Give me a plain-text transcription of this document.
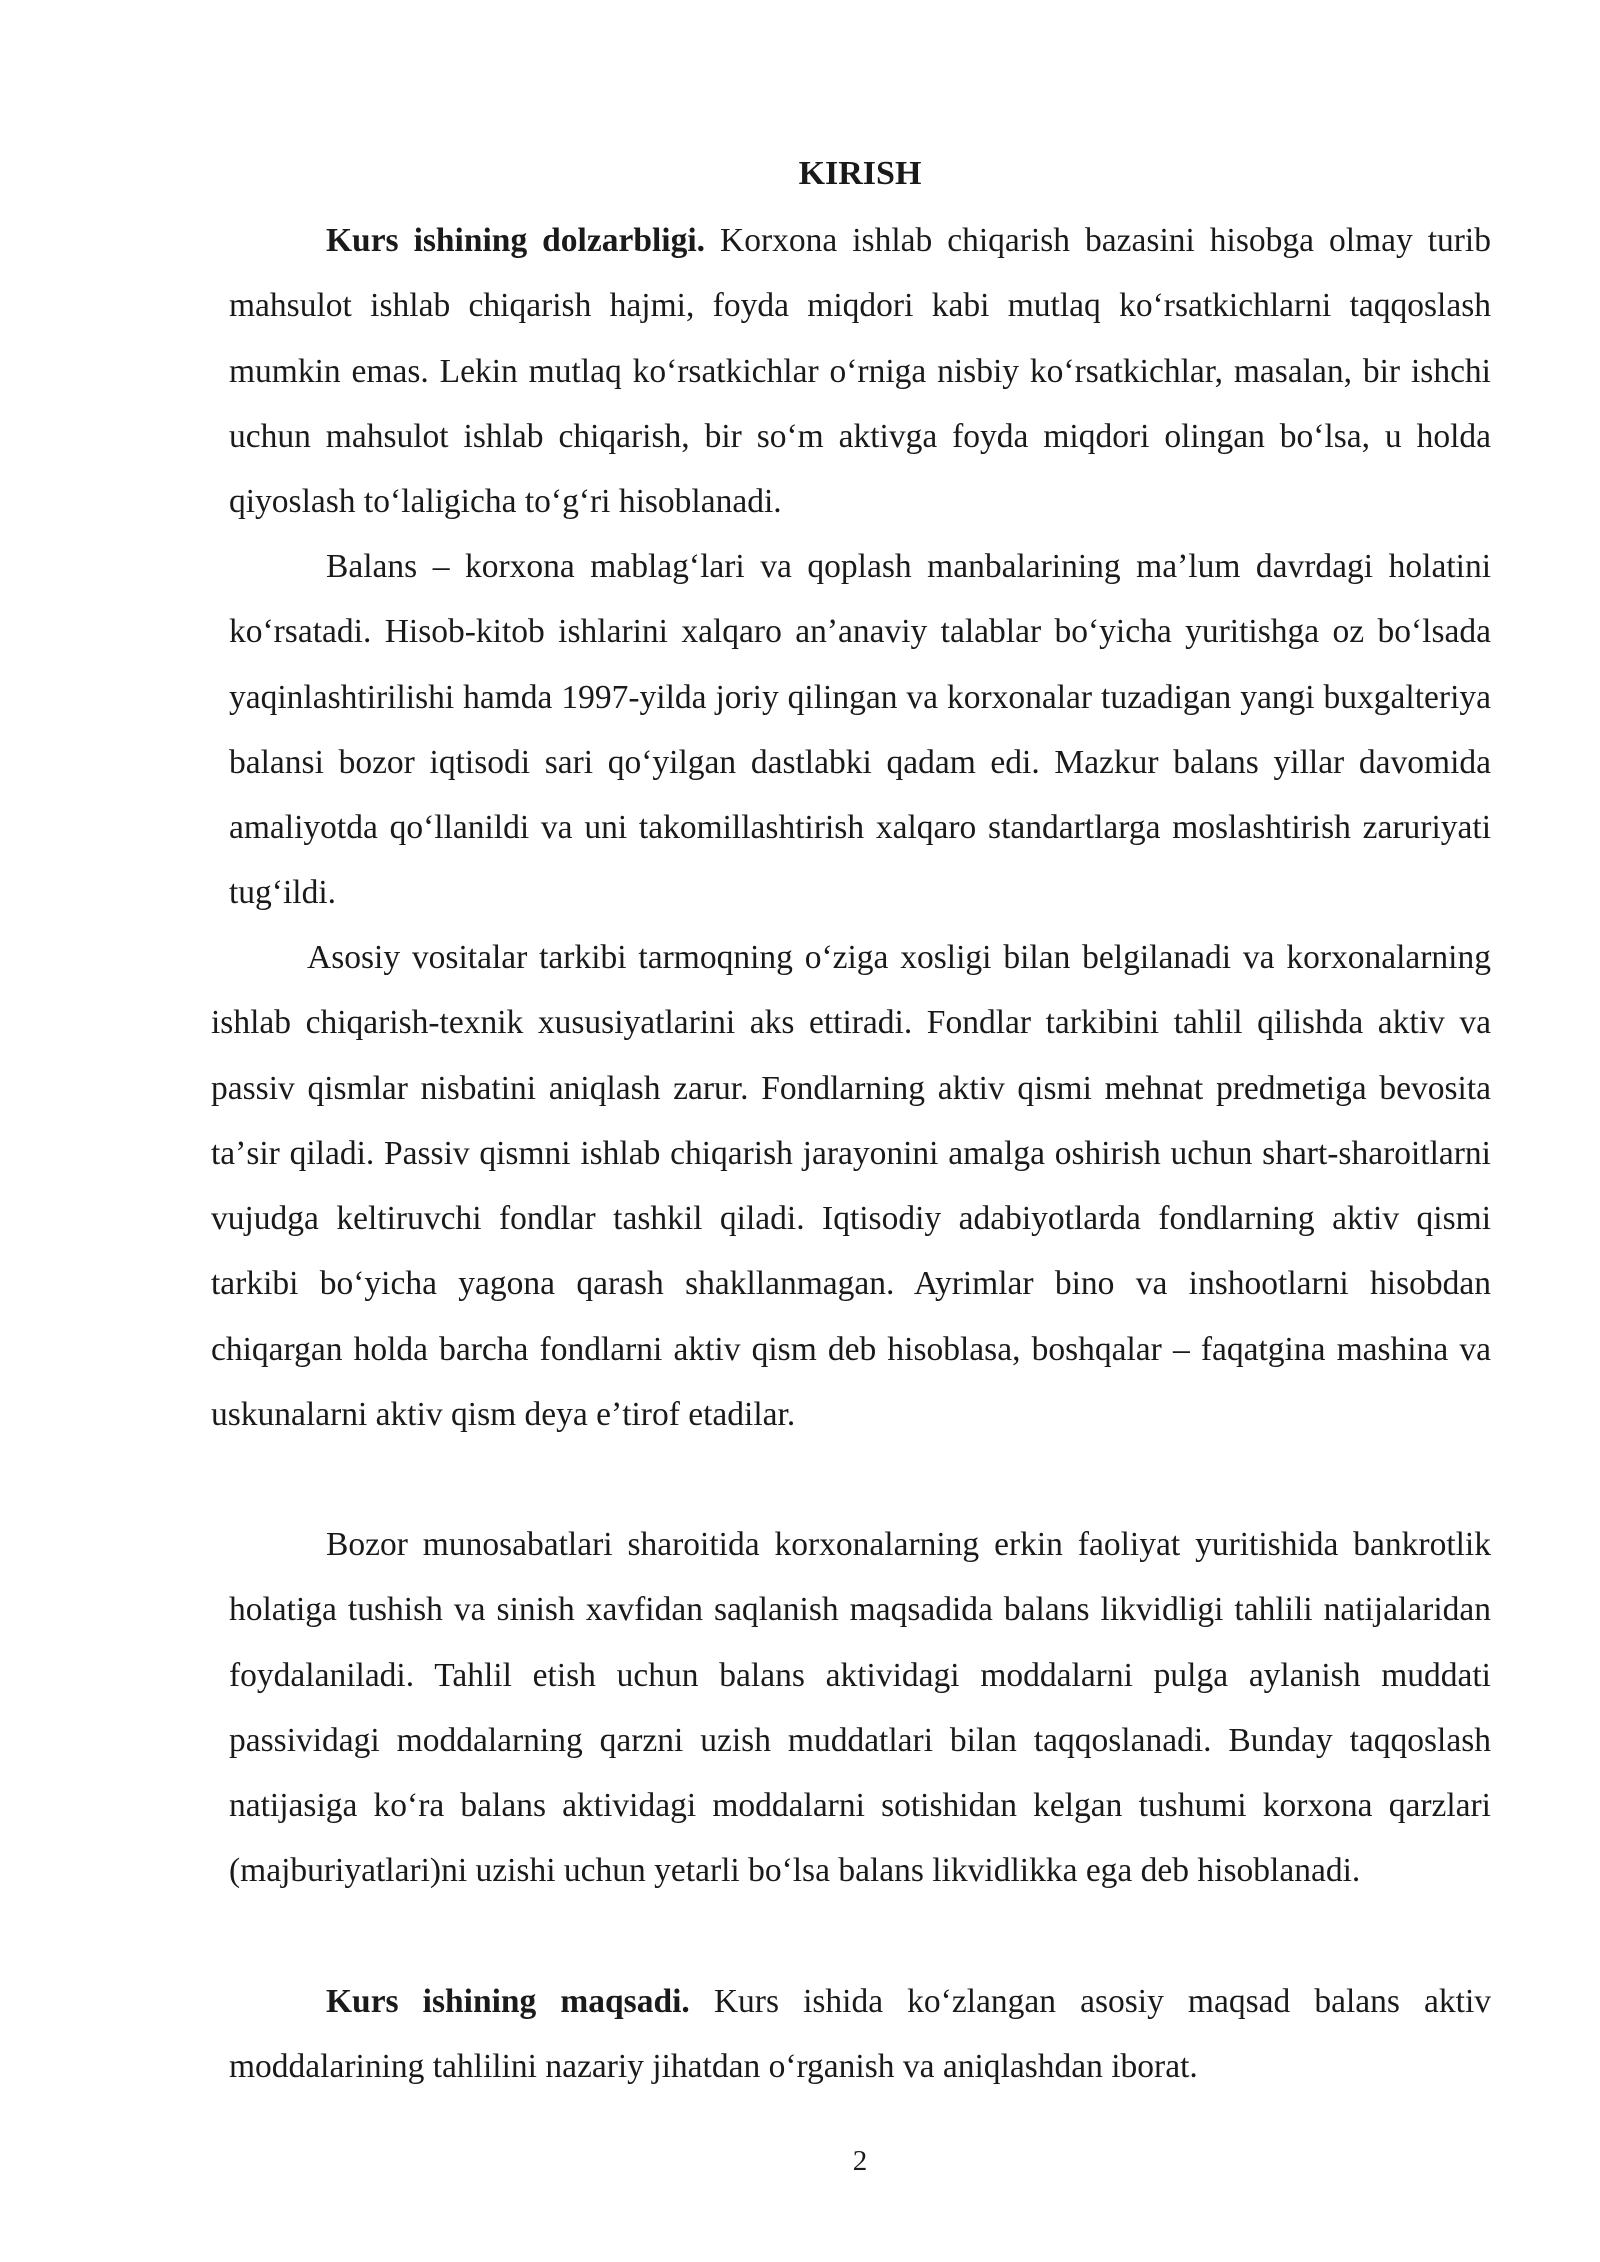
KIRISH

Kurs ishining dolzarbligi. Korxona ishlab chiqarish bazasini hisobga olmay turib mahsulot ishlab chiqarish hajmi, foyda miqdori kabi mutlaq koʻrsatkichlarni taqqoslash mumkin emas. Lekin mutlaq koʻrsatkichlar oʻrniga nisbiy koʻrsatkichlar, masalan, bir ishchi uchun mahsulot ishlab chiqarish, bir soʻm aktivga foyda miqdori olingan boʻlsa, u holda qiyoslash toʻlaligicha toʻgʻri hisoblanadi.

Balans – korxona mablagʻlari va qoplash manbalarining maʼlum davrdagi holatini koʻrsatadi. Hisob-kitob ishlarini xalqaro anʼanaviy talablar boʻyicha yuritishga oz boʻlsada yaqinlashtirilishi hamda 1997-yilda joriy qilingan va korxonalar tuzadigan yangi buxgalteriya balansi bozor iqtisodi sari qoʻyilgan dastlabki qadam edi. Mazkur balans yillar davomida amaliyotda qoʻllanildi va uni takomillashtirish xalqaro standartlarga moslashtirish zaruriyati tugʻildi.

Asosiy vositalar tarkibi tarmoqning oʻziga xosligi bilan belgilanadi va korxonalarning ishlab chiqarish-texnik xususiyatlarini aks ettiradi. Fondlar tarkibini tahlil qilishda aktiv va passiv qismlar nisbatini aniqlash zarur. Fondlarning aktiv qismi mehnat predmetiga bevosita taʼsir qiladi. Passiv qismni ishlab chiqarish jarayonini amalga oshirish uchun shart-sharoitlarni vujudga keltiruvchi fondlar tashkil qiladi. Iqtisodiy adabiyotlarda fondlarning aktiv qismi tarkibi boʻyicha yagona qarash shakllanmagan. Ayrimlar bino va inshootlarni hisobdan chiqargan holda barcha fondlarni aktiv qism deb hisoblasa, boshqalar – faqatgina mashina va uskunalarni aktiv qism deya eʼtirof etadilar.

Bozor munosabatlari sharoitida korxonalarning erkin faoliyat yuritishida bankrotlik holatiga tushish va sinish xavfidan saqlanish maqsadida balans likvidligi tahlili natijalaridan foydalaniladi. Tahlil etish uchun balans aktividagi moddalarni pulga aylanish muddati passividagi moddalarning qarzni uzish muddatlari bilan taqqoslanadi. Bunday taqqoslash natijasiga koʻra balans aktividagi moddalarni sotishidan kelgan tushumi korxona qarzlari (majburiyatlari)ni uzishi uchun yetarli boʻlsa balans likvidlikka ega deb hisoblanadi.

Kurs ishining maqsadi. Kurs ishida koʻzlangan asosiy maqsad balans aktiv moddalarining tahlilini nazariy jihatdan oʻrganish va aniqlashdan iborat.

2
